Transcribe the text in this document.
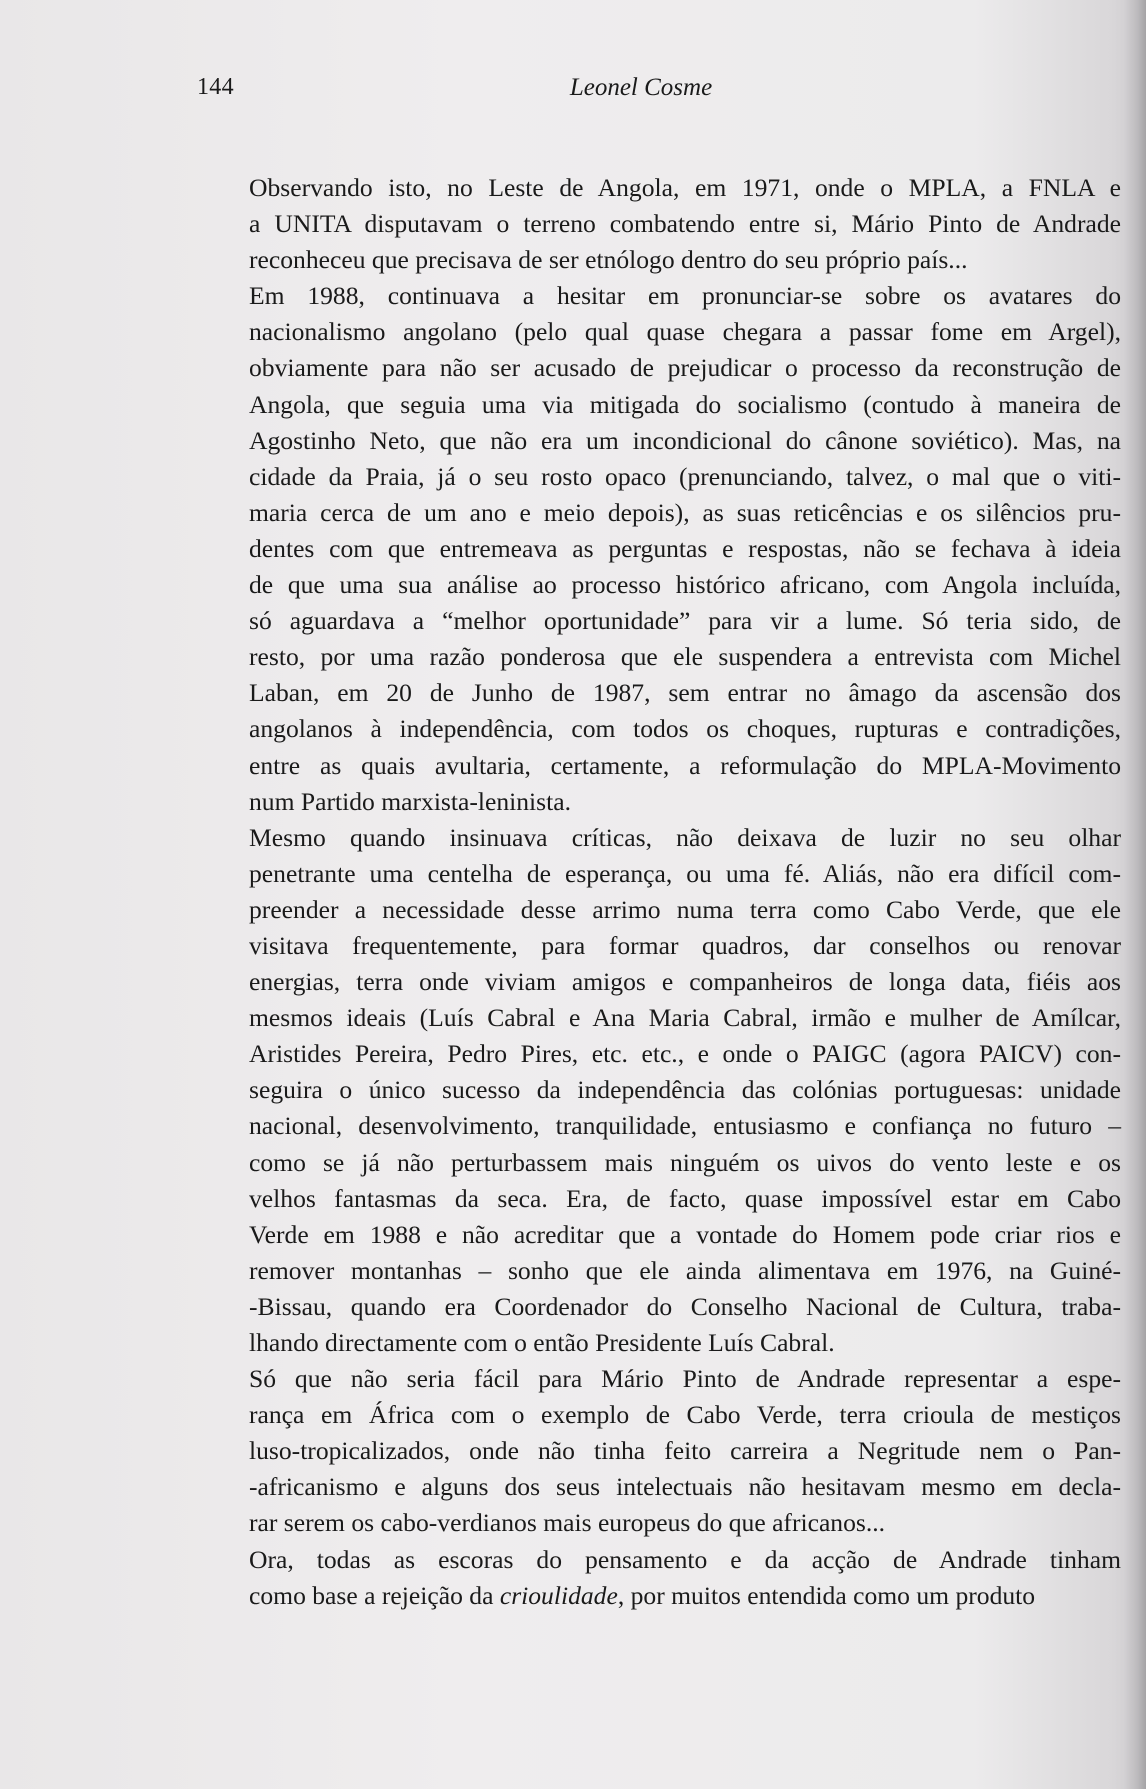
144	Leonel Cosme

Observando isto, no Leste de Angola, em 1971, onde o MPLA, a FNLA e
a UNITA disputavam o terreno combatendo entre si, Mário Pinto de Andrade
reconheceu que precisava de ser etnólogo dentro do seu próprio país...

Em 1988, continuava a hesitar em pronunciar-se sobre os avatares do
nacionalismo angolano (pelo qual quase chegara a passar fome em Argel),
obviamente para não ser acusado de prejudicar o processo da reconstrução de
Angola, que seguia uma via mitigada do socialismo (contudo à maneira de
Agostinho Neto, que não era um incondicional do cânone soviético). Mas, na
cidade da Praia, já o seu rosto opaco (prenunciando, talvez, o mal que o viti-
maria cerca de um ano e meio depois), as suas reticências e os silêncios pru-
dentes com que entremeava as perguntas e respostas, não se fechava à ideia
de que uma sua análise ao processo histórico africano, com Angola incluída,
só aguardava a “melhor oportunidade” para vir a lume. Só teria sido, de
resto, por uma razão ponderosa que ele suspendera a entrevista com Michel
Laban, em 20 de Junho de 1987, sem entrar no âmago da ascensão dos
angolanos à independência, com todos os choques, rupturas e contradições,
entre as quais avultaria, certamente, a reformulação do MPLA-Movimento
num Partido marxista-leninista.

Mesmo quando insinuava críticas, não deixava de luzir no seu olhar
penetrante uma centelha de esperança, ou uma fé. Aliás, não era difícil com-
preender a necessidade desse arrimo numa terra como Cabo Verde, que ele
visitava frequentemente, para formar quadros, dar conselhos ou renovar
energias, terra onde viviam amigos e companheiros de longa data, fiéis aos
mesmos ideais (Luís Cabral e Ana Maria Cabral, irmão e mulher de Amílcar,
Aristides Pereira, Pedro Pires, etc. etc., e onde o PAIGC (agora PAICV) con-
seguira o único sucesso da independência das colónias portuguesas: unidade
nacional, desenvolvimento, tranquilidade, entusiasmo e confiança no futuro –
como se já não perturbassem mais ninguém os uivos do vento leste e os
velhos fantasmas da seca. Era, de facto, quase impossível estar em Cabo
Verde em 1988 e não acreditar que a vontade do Homem pode criar rios e
remover montanhas – sonho que ele ainda alimentava em 1976, na Guiné-
-Bissau, quando era Coordenador do Conselho Nacional de Cultura, traba-
lhando directamente com o então Presidente Luís Cabral.

Só que não seria fácil para Mário Pinto de Andrade representar a espe-
rança em África com o exemplo de Cabo Verde, terra crioula de mestiços
luso-tropicalizados, onde não tinha feito carreira a Negritude nem o Pan-
-africanismo e alguns dos seus intelectuais não hesitavam mesmo em decla-
rar serem os cabo-verdianos mais europeus do que africanos...

Ora, todas as escoras do pensamento e da acção de Andrade tinham
como base a rejeição da crioulidade, por muitos entendida como um produto
